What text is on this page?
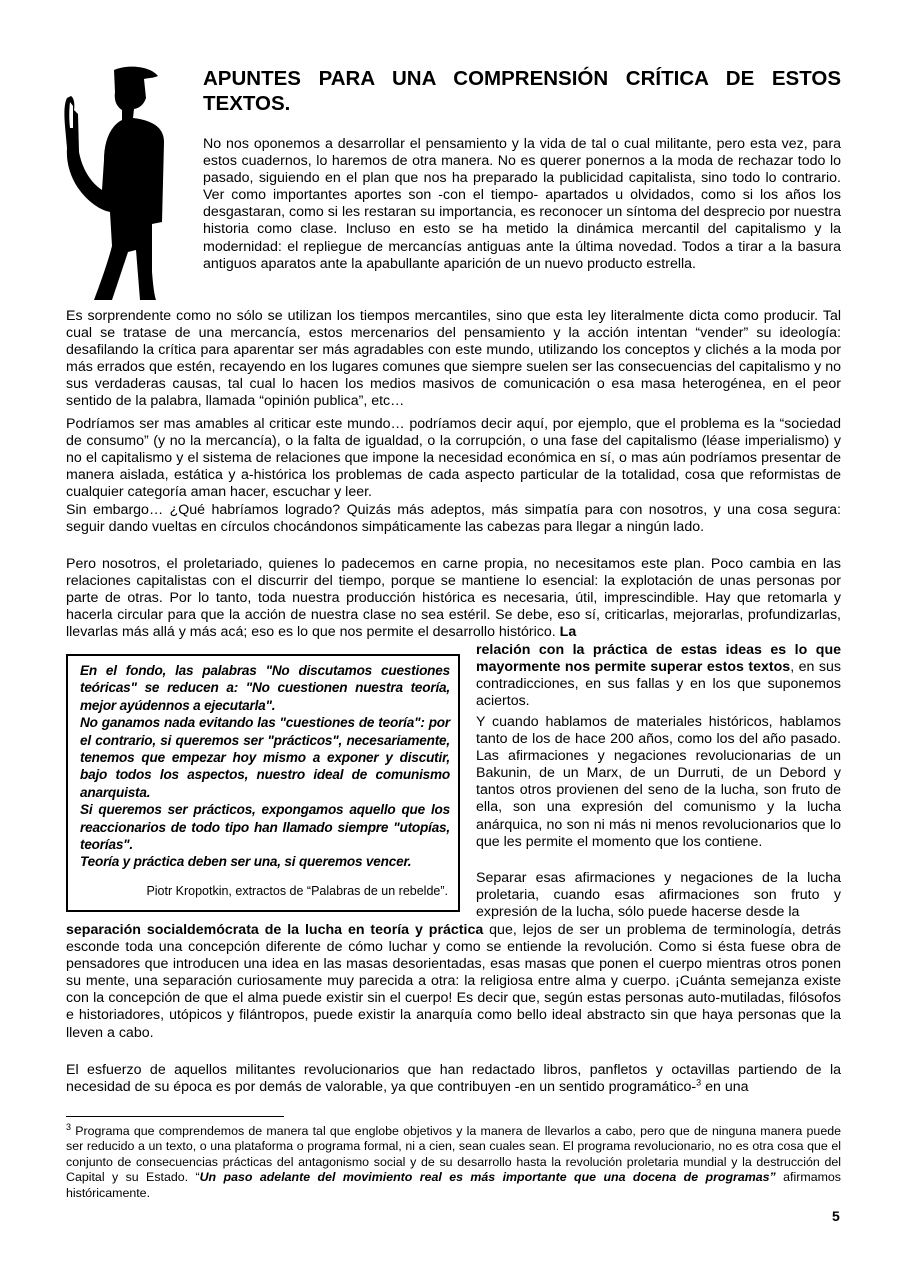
APUNTES PARA UNA COMPRENSIÓN CRÍTICA DE ESTOS TEXTOS.

No nos oponemos a desarrollar el pensamiento y la vida de tal o cual militante, pero esta vez, para estos cuadernos, lo haremos de otra manera. No es querer ponernos a la moda de rechazar todo lo pasado, siguiendo en el plan que nos ha preparado la publicidad capitalista, sino todo lo contrario. Ver como importantes aportes son -con el tiempo- apartados u olvidados, como si los años los desgastaran, como si les restaran su importancia, es reconocer un síntoma del desprecio por nuestra historia como clase. Incluso en esto se ha metido la dinámica mercantil del capitalismo y la modernidad: el repliegue de mercancías antiguas ante la última novedad. Todos a tirar a la basura antiguos aparatos ante la apabullante aparición de un nuevo producto estrella.

Es sorprendente como no sólo se utilizan los tiempos mercantiles, sino que esta ley literalmente dicta como producir. Tal cual se tratase de una mercancía, estos mercenarios del pensamiento y la acción intentan “vender” su ideología: desafilando la crítica para aparentar ser más agradables con este mundo, utilizando los conceptos y clichés a la moda por más errados que estén, recayendo en los lugares comunes que siempre suelen ser las consecuencias del capitalismo y no sus verdaderas causas, tal cual lo hacen los medios masivos de comunicación o esa masa heterogénea, en el peor sentido de la palabra, llamada “opinión publica”, etc…

Podríamos ser mas amables al criticar este mundo… podríamos decir aquí, por ejemplo, que el problema es la “sociedad de consumo” (y no la mercancía), o la falta de igualdad, o la corrupción, o una fase del capitalismo (léase imperialismo) y no el capitalismo y el sistema de relaciones que impone la necesidad económica en sí, o mas aún podríamos presentar de manera aislada, estática y a-histórica los problemas de cada aspecto particular de la totalidad, cosa que reformistas de cualquier categoría aman hacer, escuchar y leer.

Sin embargo… ¿Qué habríamos logrado? Quizás más adeptos, más simpatía para con nosotros, y una cosa segura: seguir dando vueltas en círculos chocándonos simpáticamente las cabezas para llegar a ningún lado.

Pero nosotros, el proletariado, quienes lo padecemos en carne propia, no necesitamos este plan. Poco cambia en las relaciones capitalistas con el discurrir del tiempo, porque se mantiene lo esencial: la explotación de unas personas por parte de otras. Por lo tanto, toda nuestra producción histórica es necesaria, útil, imprescindible. Hay que retomarla y hacerla circular para que la acción de nuestra clase no sea estéril. Se debe, eso sí, criticarlas, mejorarlas, profundizarlas, llevarlas más allá y más acá; eso es lo que nos permite el desarrollo histórico. La

relación con la práctica de estas ideas es lo que mayormente nos permite superar estos textos, en sus contradicciones, en sus fallas y en los que suponemos aciertos.

Y cuando hablamos de materiales históricos, hablamos tanto de los de hace 200 años, como los del año pasado. Las afirmaciones y negaciones revolucionarias de un Bakunin, de un Marx, de un Durruti, de un Debord y tantos otros provienen del seno de la lucha, son fruto de ella, son una expresión del comunismo y la lucha anárquica, no son ni más ni menos revolucionarios que lo que les permite el momento que los contiene.

Separar esas afirmaciones y negaciones de la lucha proletaria, cuando esas afirmaciones son fruto y expresión de la lucha, sólo puede hacerse desde la

separación socialdemócrata de la lucha en teoría y práctica que, lejos de ser un problema de terminología, detrás esconde toda una concepción diferente de cómo luchar y como se entiende la revolución. Como si ésta fuese obra de pensadores que introducen una idea en las masas desorientadas, esas masas que ponen el cuerpo mientras otros ponen su mente, una separación curiosamente muy parecida a otra: la religiosa entre alma y cuerpo. ¡Cuánta semejanza existe con la concepción de que el alma puede existir sin el cuerpo! Es decir que, según estas personas auto-mutiladas, filósofos e historiadores, utópicos y filántropos, puede existir la anarquía como bello ideal abstracto sin que haya personas que la lleven a cabo.

El esfuerzo de aquellos militantes revolucionarios que han redactado libros, panfletos y octavillas partiendo de la necesidad de su época es por demás de valorable, ya que contribuyen -en un sentido programático-$^3$ en una

En el fondo, las palabras "No discutamos cuestiones teóricas" se reducen a: "No cuestionen nuestra teoría, mejor ayúdennos a ejecutarla".
No ganamos nada evitando las "cuestiones de teoría": por el contrario, si queremos ser "prácticos", necesariamente, tenemos que empezar hoy mismo a exponer y discutir, bajo todos los aspectos, nuestro ideal de comunismo anarquista.
Si queremos ser prácticos, expongamos aquello que los reaccionarios de todo tipo han llamado siempre "utopías, teorías".
Teoría y práctica deben ser una, si queremos vencer.

Piotr Kropotkin, extractos de “Palabras de un rebelde”.

$^3$ Programa que comprendemos de manera tal que englobe objetivos y la manera de llevarlos a cabo, pero que de ninguna manera puede ser reducido a un texto, o una plataforma o programa formal, ni a cien, sean cuales sean. El programa revolucionario, no es otra cosa que el conjunto de consecuencias prácticas del antagonismo social y de su desarrollo hasta la revolución proletaria mundial y la destrucción del Capital y su Estado. “Un paso adelante del movimiento real es más importante que una docena de programas” afirmamos históricamente.

5
